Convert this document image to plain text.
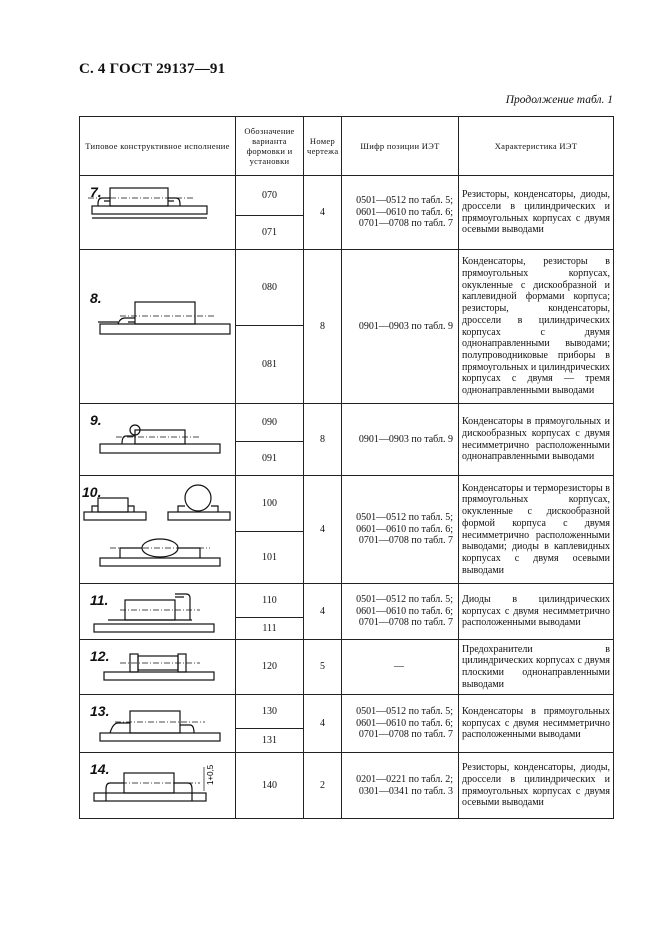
С. 4 ГОСТ 29137—91
Продолжение табл. 1
Типовое конструктивное исполнение	Обозначение варианта формовки и установки	Номер чертежа	Шифр позиции ИЭТ	Характеристика ИЭТ

7.	070	4	0501—0512 по табл. 5;
0601—0610 по табл. 6;
0701—0708 по табл. 7	Резисторы, конденсаторы, диоды, дроссели в цилиндрических и прямоугольных корпусах с двумя осевыми выводами
	071			

8.	080	8	0901—0903 по табл. 9	Конденсаторы, резисторы в прямоугольных корпусах, окукленные с дискообразной и каплевидной формами корпуса; резисторы, конденсаторы, дроссели в цилиндрических корпусах с двумя однонаправленными выводами; полупроводниковые приборы в прямоугольных и цилиндрических корпусах с двумя — тремя однонаправленными выводами
	081			

9.	090	8	0901—0903 по табл. 9	Конденсаторы в прямоугольных и дискообразных корпусах с двумя несимметрично расположенными однонаправленными выводами
	091			

10.	100	4	0501—0512 по табл. 5;
0601—0610 по табл. 6;
0701—0708 по табл. 7	Конденсаторы и терморезисторы в прямоугольных корпусах, окукленные с дискообразной формой корпуса с двумя несимметрично расположенными выводами; диоды в каплевидных корпусах с двумя осевыми выводами
	101			

11.	110	4	0501—0512 по табл. 5;
0601—0610 по табл. 6;
0701—0708 по табл. 7	Диоды в цилиндрических корпусах с двумя несимметрично расположенными выводами
	111			

12.	120	5	—	Предохранители в цилиндрических корпусах с двумя плоскими однонаправленными выводами

13.	130	4	0501—0512 по табл. 5;
0601—0610 по табл. 6;
0701—0708 по табл. 7	Конденсаторы в прямоугольных корпусах с двумя несимметрично расположенными выводами
	131			

14. 1+0,5	140	2	0201—0221 по табл. 2;
0301—0341 по табл. 3	Резисторы, конденсаторы, диоды, дроссели в цилиндрических и прямоугольных корпусах с двумя осевыми выводами
